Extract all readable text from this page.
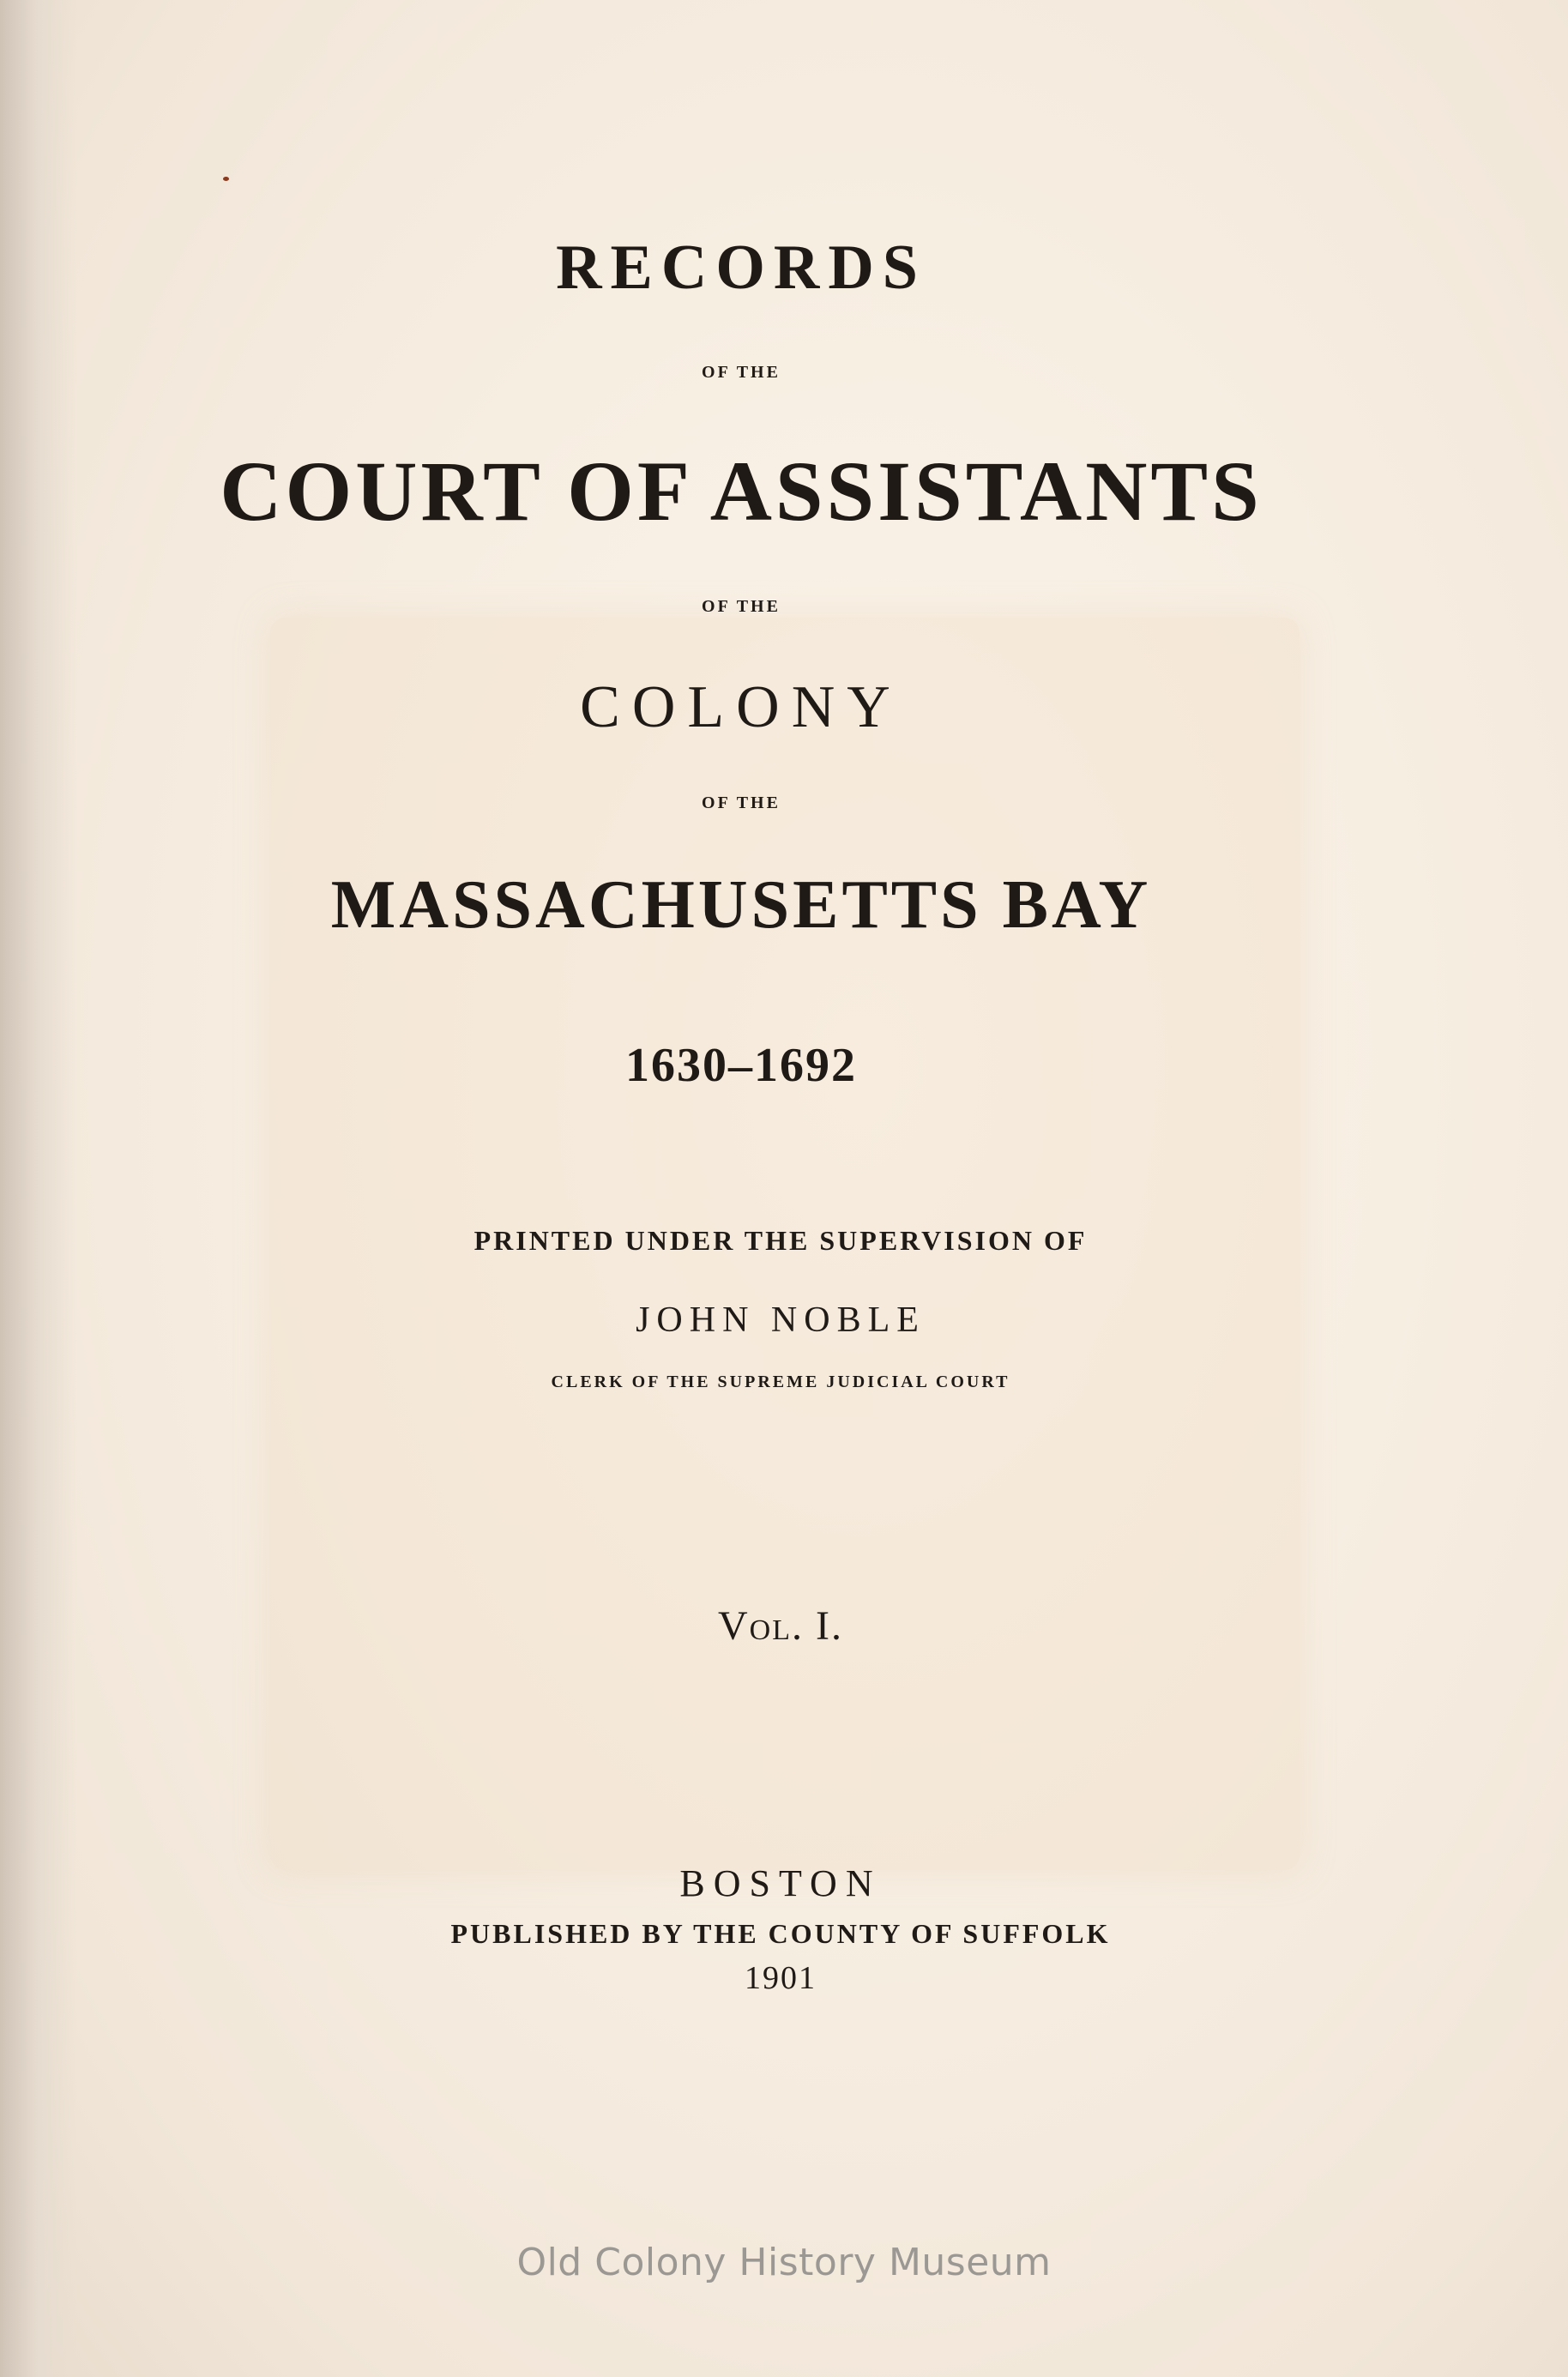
RECORDS

OF THE

COURT OF ASSISTANTS

OF THE

COLONY

OF THE

MASSACHUSETTS BAY

1630–1692

PRINTED UNDER THE SUPERVISION OF

JOHN NOBLE

CLERK OF THE SUPREME JUDICIAL COURT

Vol. I.

BOSTON

PUBLISHED BY THE COUNTY OF SUFFOLK

1901

Old Colony History Museum
